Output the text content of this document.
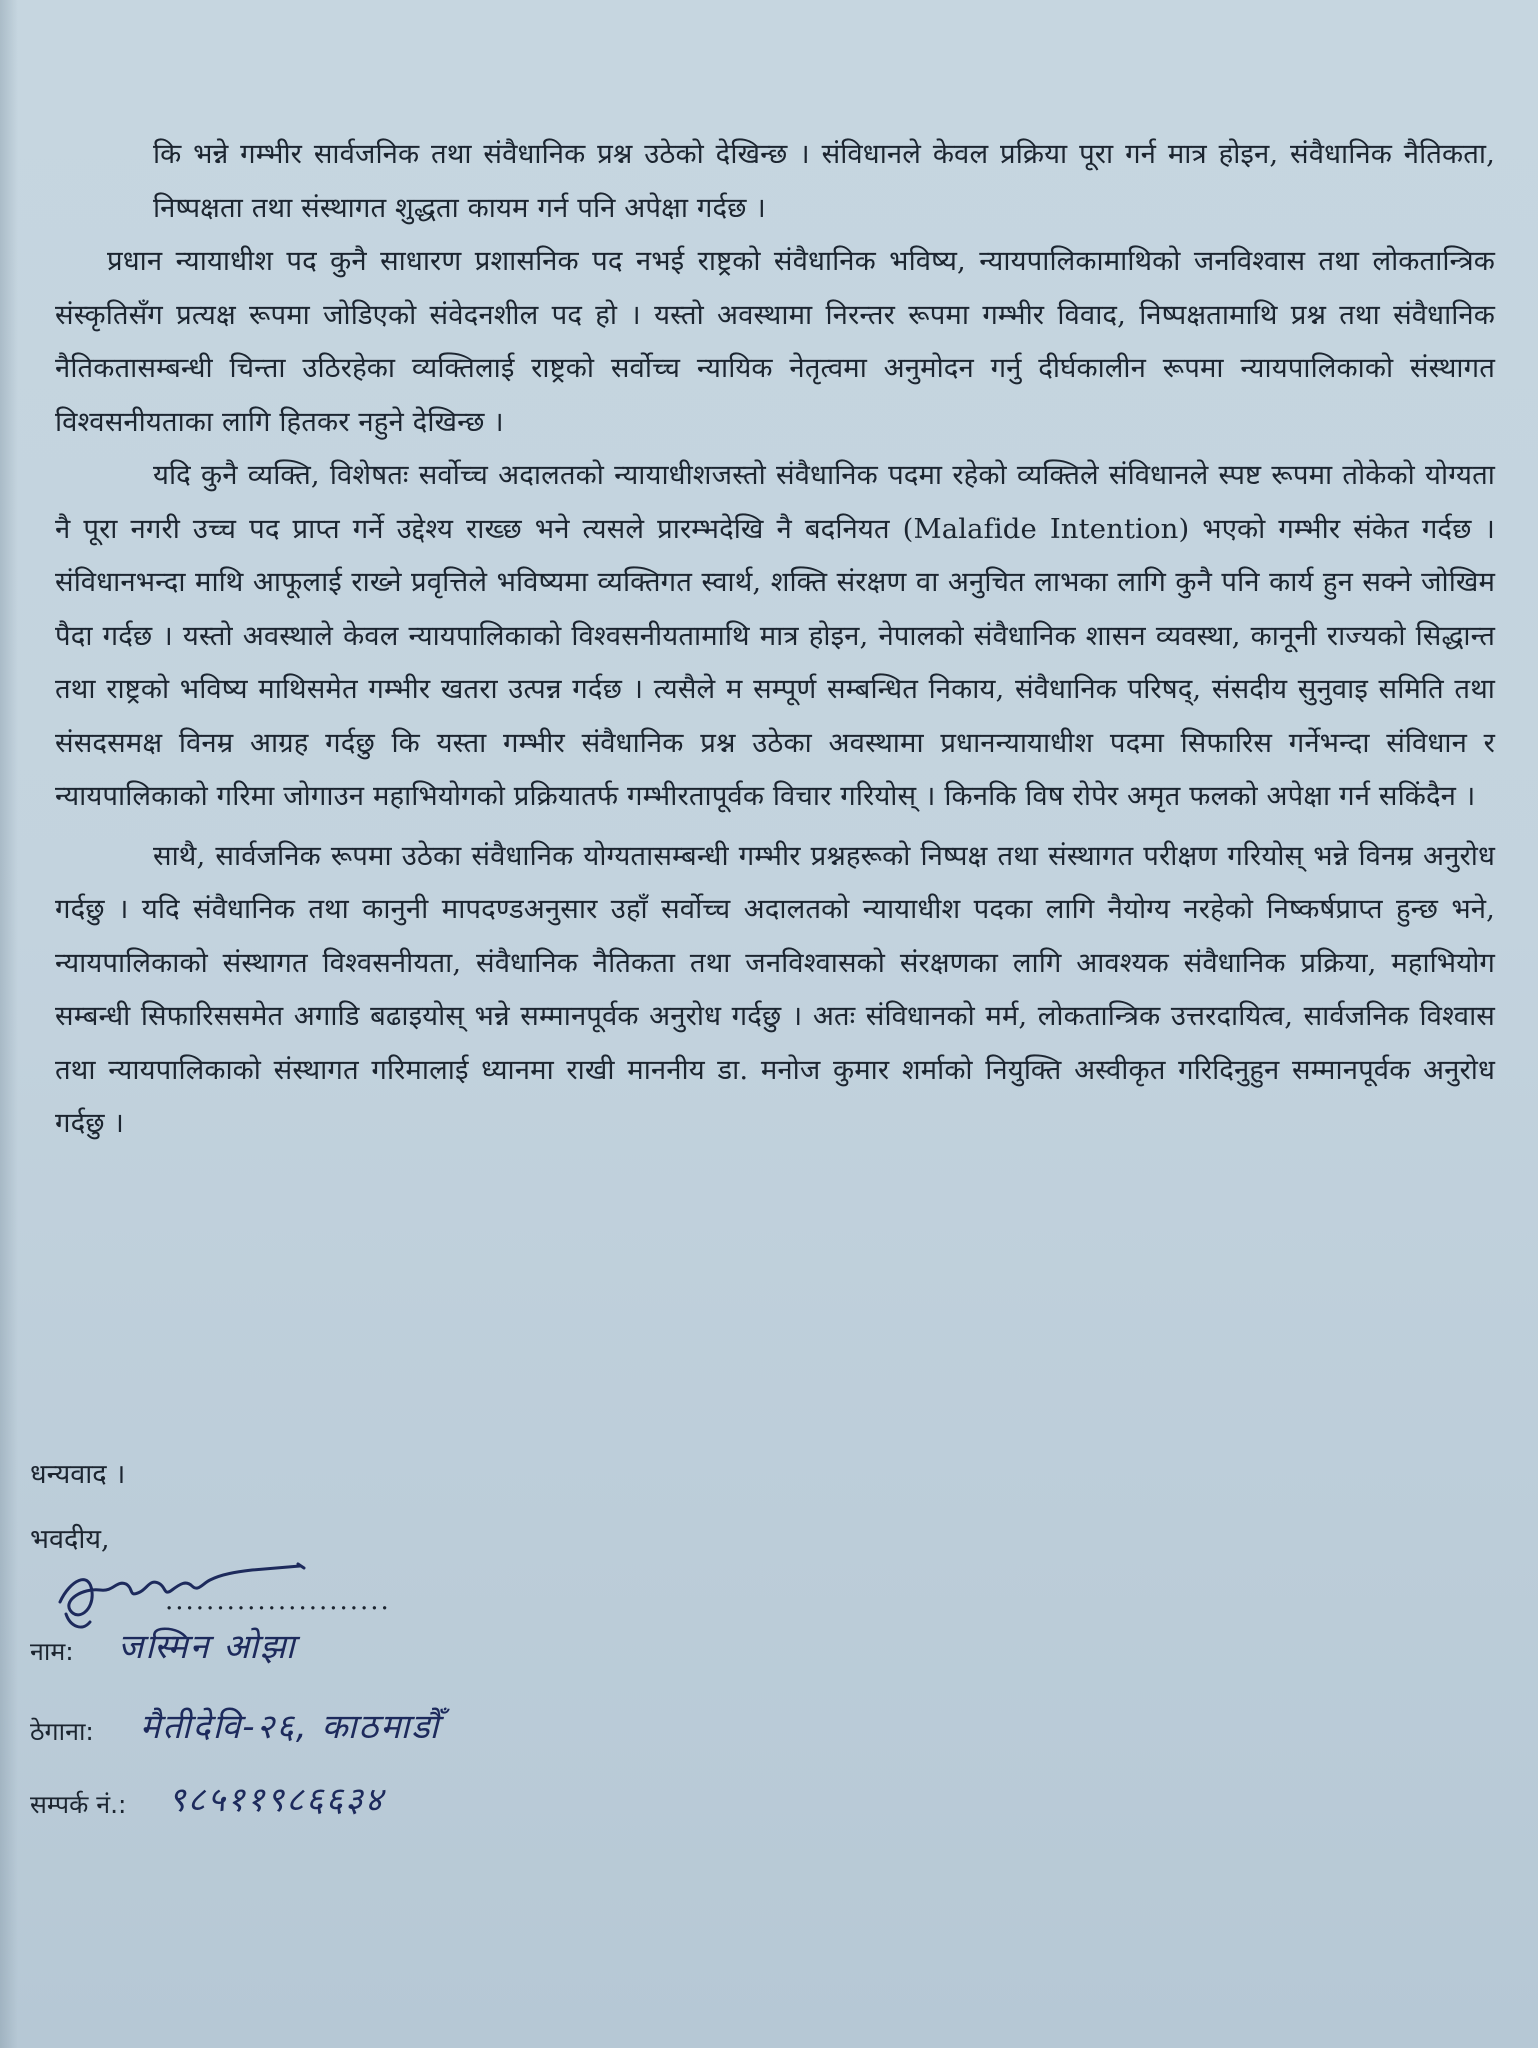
कि भन्ने गम्भीर सार्वजनिक तथा संवैधानिक प्रश्न उठेको देखिन्छ । संविधानले केवल प्रक्रिया पूरा गर्न मात्र होइन, संवैधानिक नैतिकता, निष्पक्षता तथा संस्थागत शुद्धता कायम गर्न पनि अपेक्षा गर्दछ ।

प्रधान न्यायाधीश पद कुनै साधारण प्रशासनिक पद नभई राष्ट्रको संवैधानिक भविष्य, न्यायपालिकामाथिको जनविश्वास तथा लोकतान्त्रिक संस्कृतिसँग प्रत्यक्ष रूपमा जोडिएको संवेदनशील पद हो । यस्तो अवस्थामा निरन्तर रूपमा गम्भीर विवाद, निष्पक्षतामाथि प्रश्न तथा संवैधानिक नैतिकतासम्बन्धी चिन्ता उठिरहेका व्यक्तिलाई राष्ट्रको सर्वोच्च न्यायिक नेतृत्वमा अनुमोदन गर्नु दीर्घकालीन रूपमा न्यायपालिकाको संस्थागत विश्वसनीयताका लागि हितकर नहुने देखिन्छ ।

यदि कुनै व्यक्ति, विशेषतः सर्वोच्च अदालतको न्यायाधीशजस्तो संवैधानिक पदमा रहेको व्यक्तिले संविधानले स्पष्ट रूपमा तोकेको योग्यता नै पूरा नगरी उच्च पद प्राप्त गर्ने उद्देश्य राख्छ भने त्यसले प्रारम्भदेखि नै बदनियत (Malafide Intention) भएको गम्भीर संकेत गर्दछ । संविधानभन्दा माथि आफूलाई राख्ने प्रवृत्तिले भविष्यमा व्यक्तिगत स्वार्थ, शक्ति संरक्षण वा अनुचित लाभका लागि कुनै पनि कार्य हुन सक्ने जोखिम पैदा गर्दछ । यस्तो अवस्थाले केवल न्यायपालिकाको विश्वसनीयतामाथि मात्र होइन, नेपालको संवैधानिक शासन व्यवस्था, कानूनी राज्यको सिद्धान्त तथा राष्ट्रको भविष्य माथिसमेत गम्भीर खतरा उत्पन्न गर्दछ । त्यसैले म सम्पूर्ण सम्बन्धित निकाय, संवैधानिक परिषद्, संसदीय सुनुवाइ समिति तथा संसदसमक्ष विनम्र आग्रह गर्दछु कि यस्ता गम्भीर संवैधानिक प्रश्न उठेका अवस्थामा प्रधानन्यायाधीश पदमा सिफारिस गर्नेभन्दा संविधान र न्यायपालिकाको गरिमा जोगाउन महाभियोगको प्रक्रियातर्फ गम्भीरतापूर्वक विचार गरियोस् । किनकि विष रोपेर अमृत फलको अपेक्षा गर्न सकिंदैन ।

साथै, सार्वजनिक रूपमा उठेका संवैधानिक योग्यतासम्बन्धी गम्भीर प्रश्नहरूको निष्पक्ष तथा संस्थागत परीक्षण गरियोस् भन्ने विनम्र अनुरोध गर्दछु । यदि संवैधानिक तथा कानुनी मापदण्डअनुसार उहाँ सर्वोच्च अदालतको न्यायाधीश पदका लागि नैयोग्य नरहेको निष्कर्षप्राप्त हुन्छ भने, न्यायपालिकाको संस्थागत विश्वसनीयता, संवैधानिक नैतिकता तथा जनविश्वासको संरक्षणका लागि आवश्यक संवैधानिक प्रक्रिया, महाभियोग सम्बन्धी सिफारिससमेत अगाडि बढाइयोस् भन्ने सम्मानपूर्वक अनुरोध गर्दछु । अतः संविधानको मर्म, लोकतान्त्रिक उत्तरदायित्व, सार्वजनिक विश्वास तथा न्यायपालिकाको संस्थागत गरिमालाई ध्यानमा राखी माननीय डा. मनोज कुमार शर्माको नियुक्ति अस्वीकृत गरिदिनुहुन सम्मानपूर्वक अनुरोध गर्दछु ।

धन्यवाद ।
भवदीय,
......................
नाम: जस्मिन ओझा
ठेगाना: मैतीदेवि-२६, काठमाडौँ
सम्पर्क नं.: ९८५११९८६६३४
